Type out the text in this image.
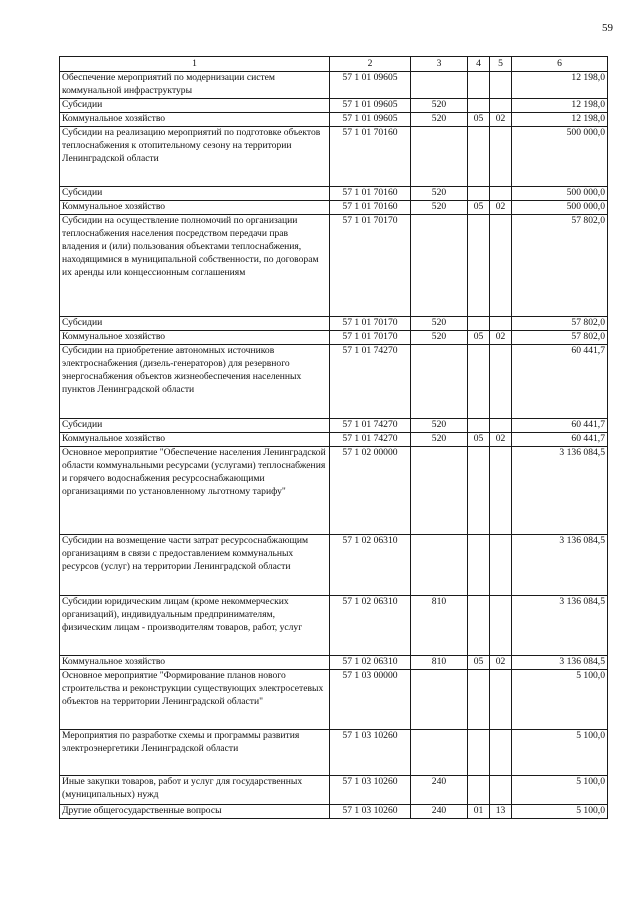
59
1	2	3	4	5	6
Обеспечение мероприятий по модернизации систем коммунальной инфраструктуры	57 1 01 09605				12 198,0
Субсидии	57 1 01 09605	520			12 198,0
Коммунальное хозяйство	57 1 01 09605	520	05	02	12 198,0
Субсидии на реализацию мероприятий по подготовке объектов теплоснабжения к отопительному сезону на территории Ленинградской области	57 1 01 70160				500 000,0
Субсидии	57 1 01 70160	520			500 000,0
Коммунальное хозяйство	57 1 01 70160	520	05	02	500 000,0
Субсидии на осуществление полномочий по организации теплоснабжения населения посредством передачи прав владения и (или) пользования объектами теплоснабжения, находящимися в муниципальной собственности, по договорам их аренды или концессионным соглашениям	57 1 01 70170				57 802,0
Субсидии	57 1 01 70170	520			57 802,0
Коммунальное хозяйство	57 1 01 70170	520	05	02	57 802,0
Субсидии на приобретение автономных источников электроснабжения (дизель-генераторов) для резервного энергоснабжения объектов жизнеобеспечения населенных пунктов Ленинградской области	57 1 01 74270				60 441,7
Субсидии	57 1 01 74270	520			60 441,7
Коммунальное хозяйство	57 1 01 74270	520	05	02	60 441,7
Основное мероприятие "Обеспечение населения Ленинградской области коммунальными ресурсами (услугами) теплоснабжения и горячего водоснабжения ресурсоснабжающими организациями по установленному льготному тарифу"	57 1 02 00000				3 136 084,5
Субсидии на возмещение части затрат ресурсоснабжающим организациям в связи с предоставлением коммунальных ресурсов (услуг) на территории Ленинградской области	57 1 02 06310				3 136 084,5
Субсидии юридическим лицам (кроме некоммерческих организаций), индивидуальным предпринимателям, физическим лицам - производителям товаров, работ, услуг	57 1 02 06310	810			3 136 084,5
Коммунальное хозяйство	57 1 02 06310	810	05	02	3 136 084,5
Основное мероприятие "Формирование планов нового строительства и реконструкции существующих электросетевых объектов на территории Ленинградской области"	57 1 03 00000				5 100,0
Мероприятия по разработке схемы и программы развития электроэнергетики Ленинградской области	57 1 03 10260				5 100,0
Иные закупки товаров, работ и услуг для государственных (муниципальных) нужд	57 1 03 10260	240			5 100,0
Другие общегосударственные вопросы	57 1 03 10260	240	01	13	5 100,0
